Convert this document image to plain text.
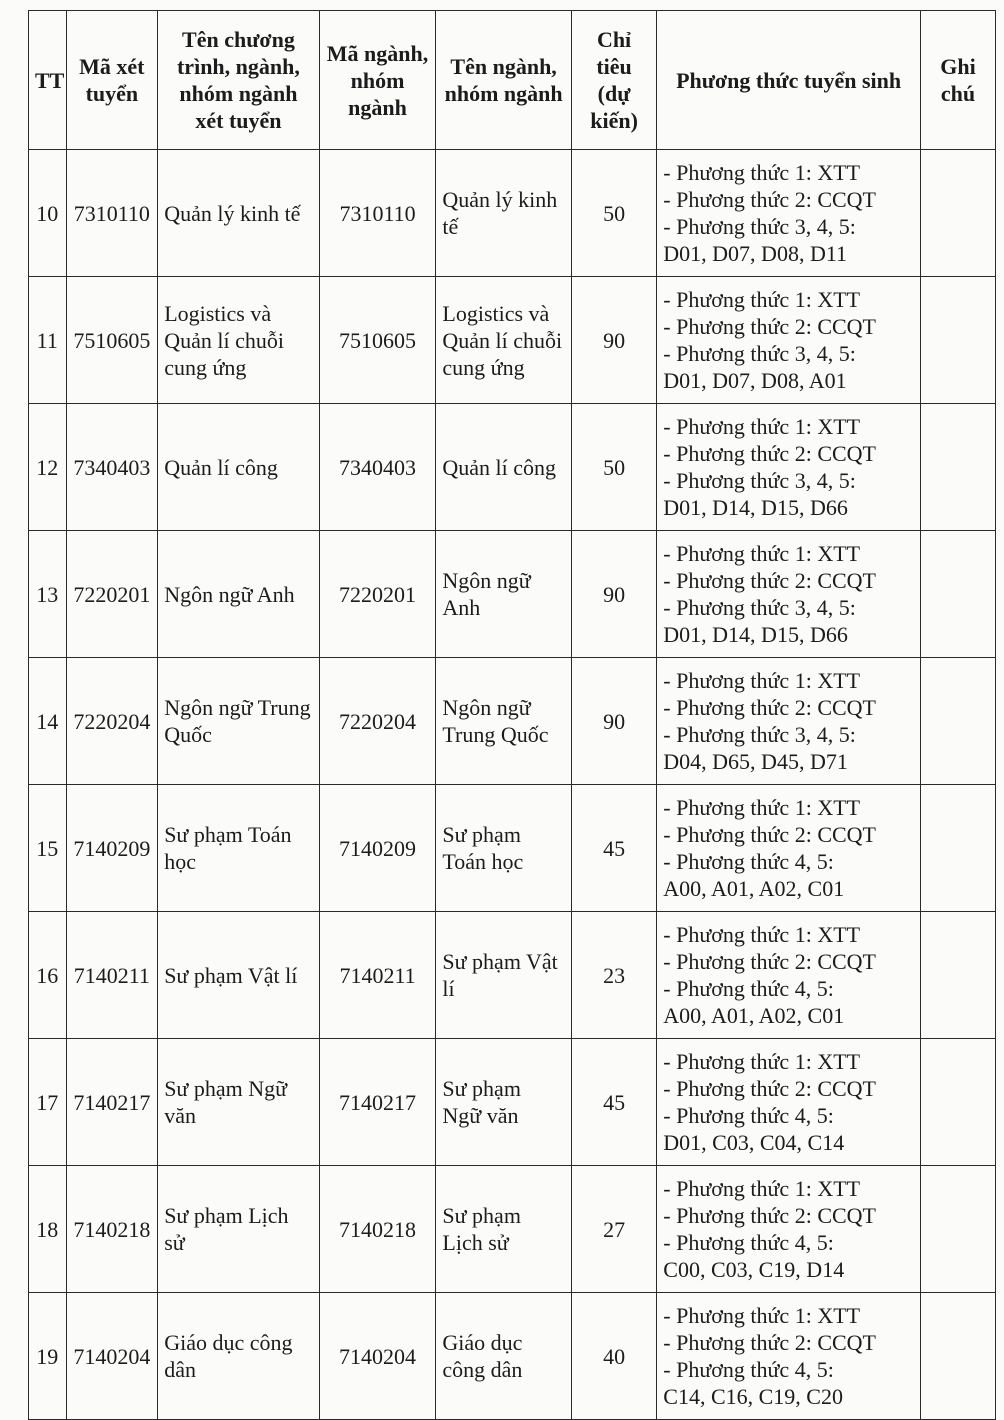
TT	Mã xét tuyển	Tên chương trình, ngành, nhóm ngành xét tuyển	Mã ngành, nhóm ngành	Tên ngành, nhóm ngành	Chỉ tiêu (dự kiến)	Phương thức tuyển sinh	Ghi chú
10	7310110	Quản lý kinh tế	7310110	Quản lý kinh tế	50	- Phương thức 1: XTT
- Phương thức 2: CCQT
- Phương thức 3, 4, 5:
D01, D07, D08, D11	

11	7510605	Logistics và Quản lí chuỗi cung ứng	7510605	Logistics và Quản lí chuỗi cung ứng	90	- Phương thức 1: XTT
- Phương thức 2: CCQT
- Phương thức 3, 4, 5:
D01, D07, D08, A01	

12	7340403	Quản lí công	7340403	Quản lí công	50	- Phương thức 1: XTT
- Phương thức 2: CCQT
- Phương thức 3, 4, 5:
D01, D14, D15, D66	

13	7220201	Ngôn ngữ Anh	7220201	Ngôn ngữ Anh	90	- Phương thức 1: XTT
- Phương thức 2: CCQT
- Phương thức 3, 4, 5:
D01, D14, D15, D66	

14	7220204	Ngôn ngữ Trung Quốc	7220204	Ngôn ngữ Trung Quốc	90	- Phương thức 1: XTT
- Phương thức 2: CCQT
- Phương thức 3, 4, 5:
D04, D65, D45, D71	

15	7140209	Sư phạm Toán học	7140209	Sư phạm Toán học	45	- Phương thức 1: XTT
- Phương thức 2: CCQT
- Phương thức 4, 5:
A00, A01, A02, C01	

16	7140211	Sư phạm Vật lí	7140211	Sư phạm Vật lí	23	- Phương thức 1: XTT
- Phương thức 2: CCQT
- Phương thức 4, 5:
A00, A01, A02, C01	

17	7140217	Sư phạm Ngữ văn	7140217	Sư phạm Ngữ văn	45	- Phương thức 1: XTT
- Phương thức 2: CCQT
- Phương thức 4, 5:
D01, C03, C04, C14	

18	7140218	Sư phạm Lịch sử	7140218	Sư phạm Lịch sử	27	- Phương thức 1: XTT
- Phương thức 2: CCQT
- Phương thức 4, 5:
C00, C03, C19, D14	

19	7140204	Giáo dục công dân	7140204	Giáo dục công dân	40	- Phương thức 1: XTT
- Phương thức 2: CCQT
- Phương thức 4, 5:
C14, C16, C19, C20	
